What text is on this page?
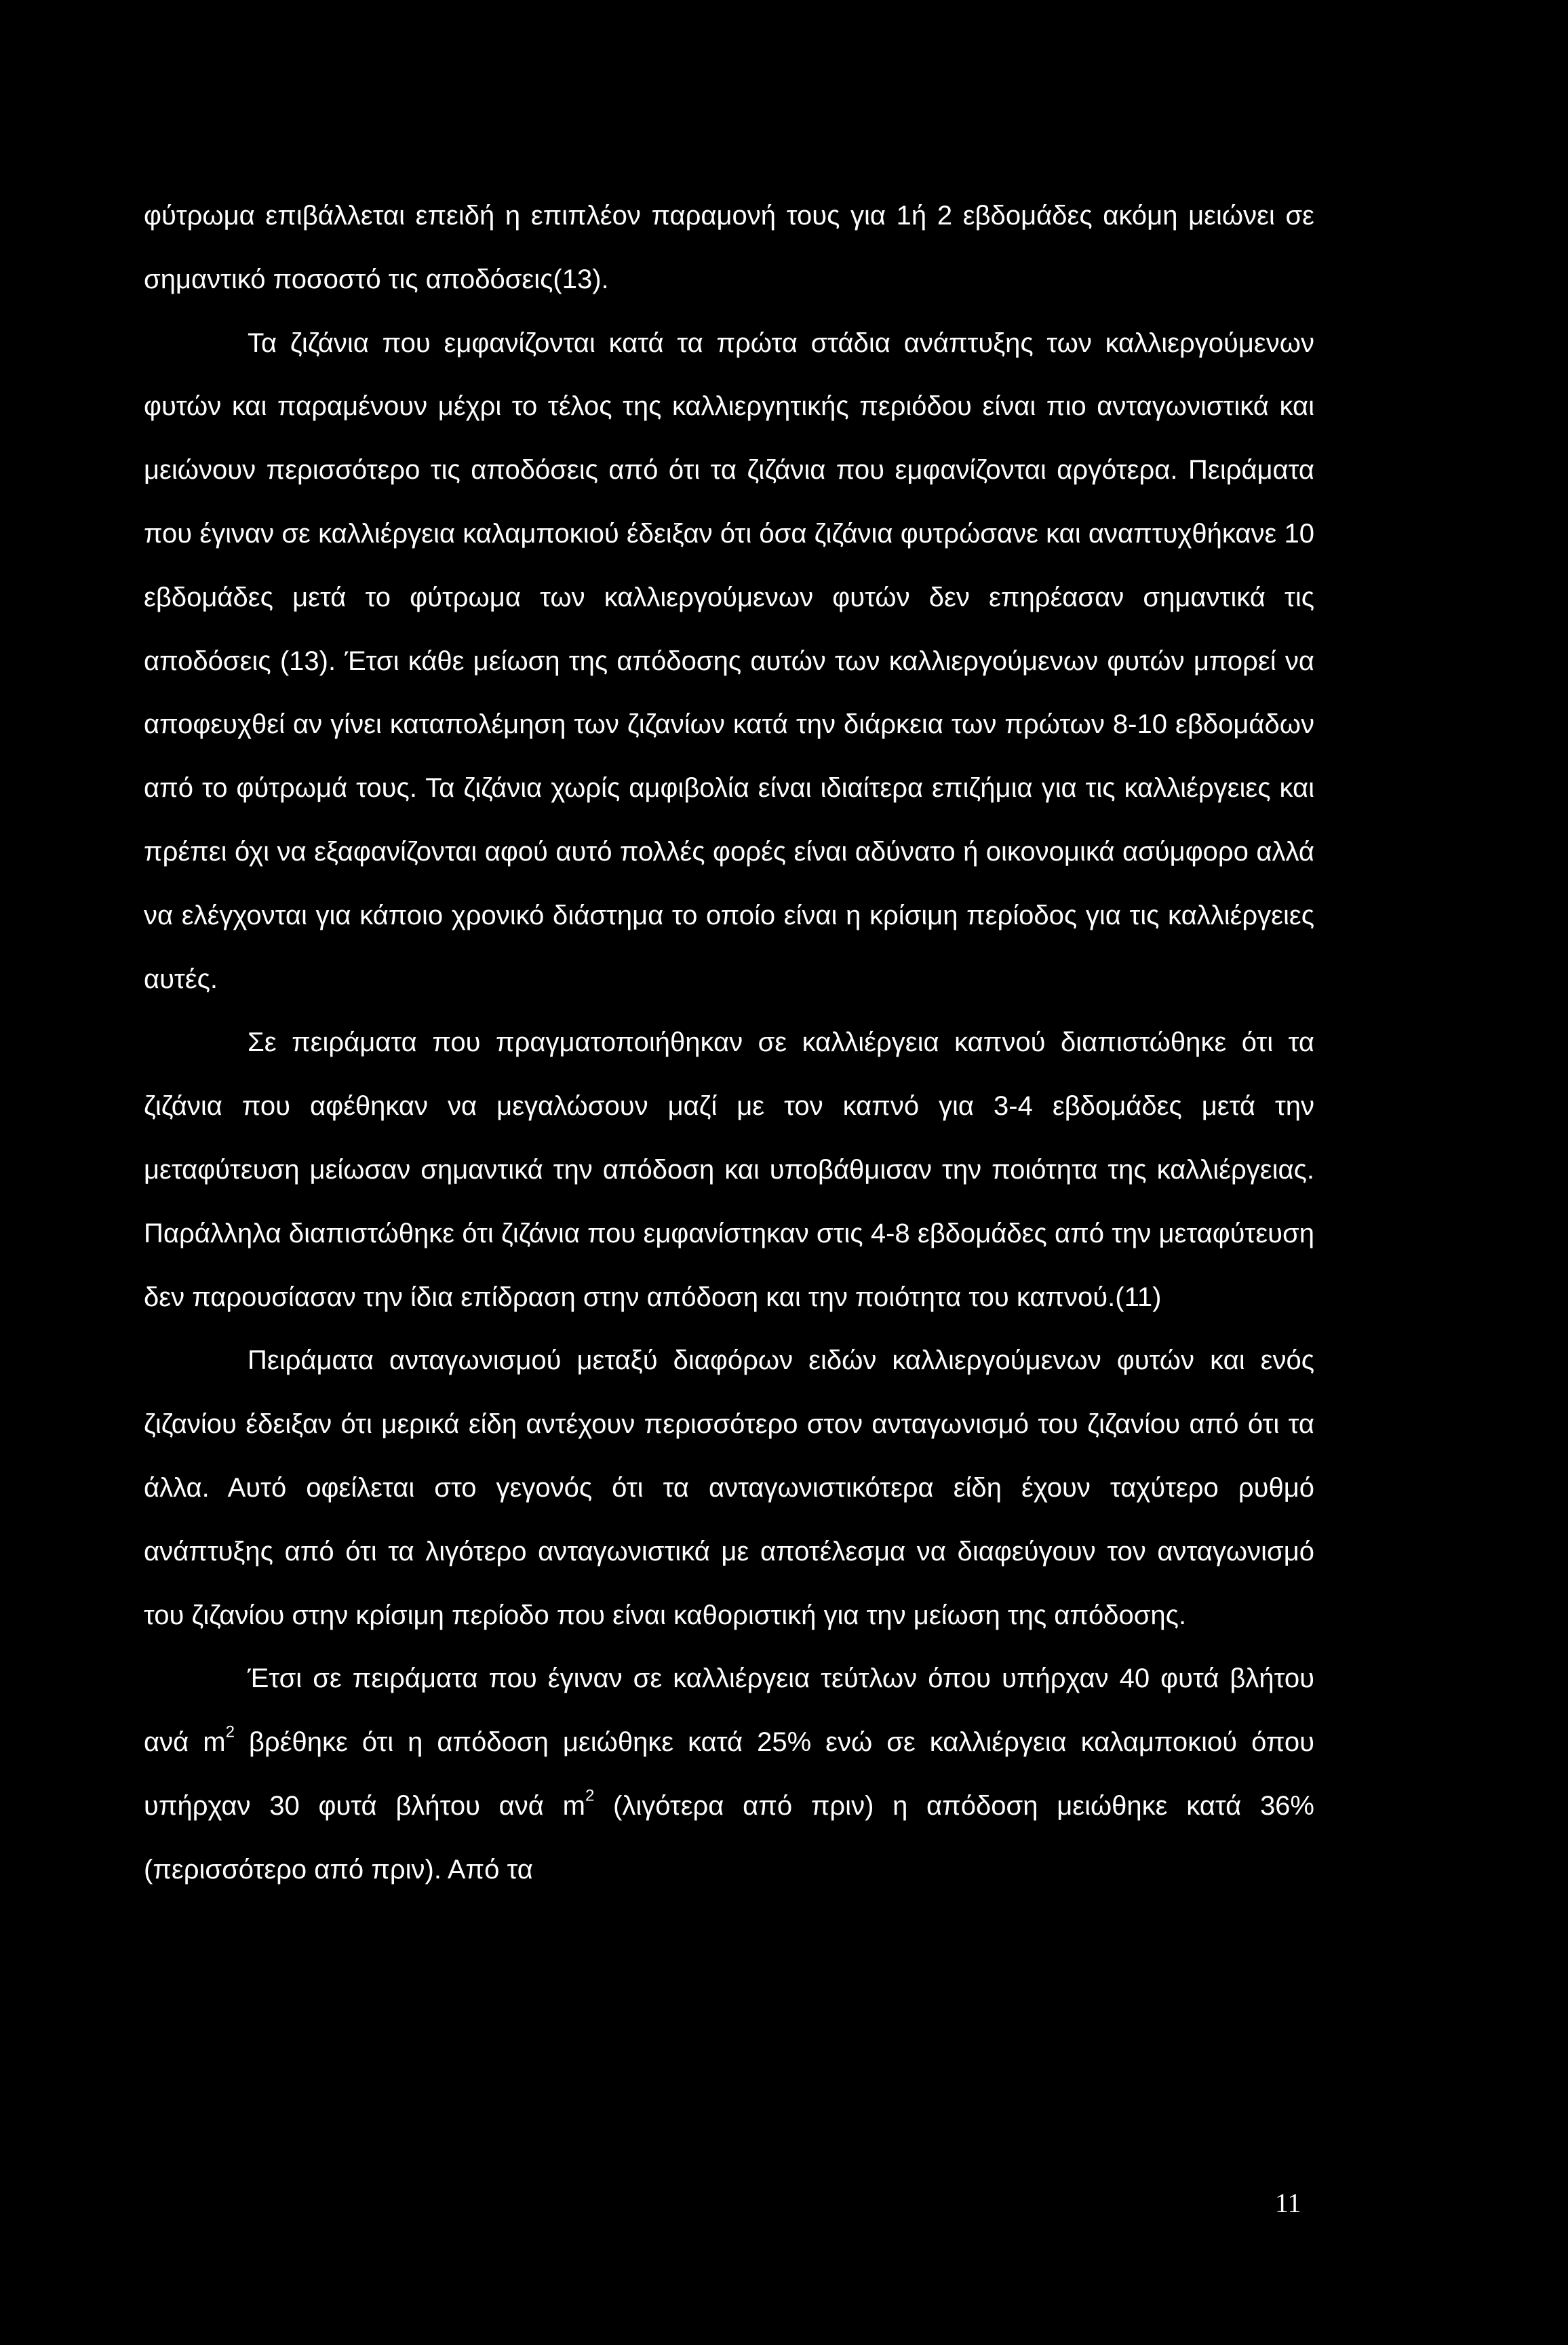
φύτρωμα επιβάλλεται επειδή η επιπλέον παραμονή τους για 1ή 2 εβδομάδες ακόμη μειώνει σε σημαντικό ποσοστό τις αποδόσεις(13).

Τα ζιζάνια που εμφανίζονται κατά τα πρώτα στάδια ανάπτυξης των καλλιεργούμενων φυτών και παραμένουν μέχρι το τέλος της καλλιεργητικής περιόδου είναι πιο ανταγωνιστικά και μειώνουν περισσότερο τις αποδόσεις από ότι τα ζιζάνια που εμφανίζονται αργότερα. Πειράματα που έγιναν σε καλλιέργεια καλαμποκιού έδειξαν ότι όσα ζιζάνια φυτρώσανε και αναπτυχθήκανε 10 εβδομάδες μετά το φύτρωμα των καλλιεργούμενων φυτών δεν επηρέασαν σημαντικά τις αποδόσεις (13). Έτσι κάθε μείωση της απόδοσης αυτών των καλλιεργούμενων φυτών μπορεί να αποφευχθεί αν γίνει καταπολέμηση των ζιζανίων κατά την διάρκεια των πρώτων 8-10 εβδομάδων από το φύτρωμά τους. Τα ζιζάνια χωρίς αμφιβολία είναι ιδιαίτερα επιζήμια για τις καλλιέργειες και πρέπει όχι να εξαφανίζονται αφού αυτό πολλές φορές είναι αδύνατο ή οικονομικά ασύμφορο αλλά να ελέγχονται για κάποιο χρονικό διάστημα το οποίο είναι η κρίσιμη περίοδος για τις καλλιέργειες αυτές.

Σε πειράματα που πραγματοποιήθηκαν σε καλλιέργεια καπνού διαπιστώθηκε ότι τα ζιζάνια που αφέθηκαν να μεγαλώσουν μαζί με τον καπνό για 3-4 εβδομάδες μετά την μεταφύτευση μείωσαν σημαντικά την απόδοση και υποβάθμισαν την ποιότητα της καλλιέργειας. Παράλληλα διαπιστώθηκε ότι ζιζάνια που εμφανίστηκαν στις 4-8 εβδομάδες από την μεταφύτευση δεν παρουσίασαν την ίδια επίδραση στην απόδοση και την ποιότητα του καπνού.(11)

Πειράματα ανταγωνισμού μεταξύ διαφόρων ειδών καλλιεργούμενων φυτών και ενός ζιζανίου έδειξαν ότι μερικά είδη αντέχουν περισσότερο στον ανταγωνισμό του ζιζανίου από ότι τα άλλα. Αυτό οφείλεται στο γεγονός ότι τα ανταγωνιστικότερα είδη έχουν ταχύτερο ρυθμό ανάπτυξης από ότι τα λιγότερο ανταγωνιστικά με αποτέλεσμα να διαφεύγουν τον ανταγωνισμό του ζιζανίου στην κρίσιμη περίοδο που είναι καθοριστική για την μείωση της απόδοσης.

Έτσι σε πειράματα που έγιναν σε καλλιέργεια τεύτλων όπου υπήρχαν 40 φυτά βλήτου ανά $m^2$ βρέθηκε ότι η απόδοση μειώθηκε κατά 25% ενώ σε καλλιέργεια καλαμποκιού όπου υπήρχαν 30 φυτά βλήτου ανά $m^2$ (λιγότερα από πριν) η απόδοση μειώθηκε κατά 36% (περισσότερο από πριν). Από τα

11
